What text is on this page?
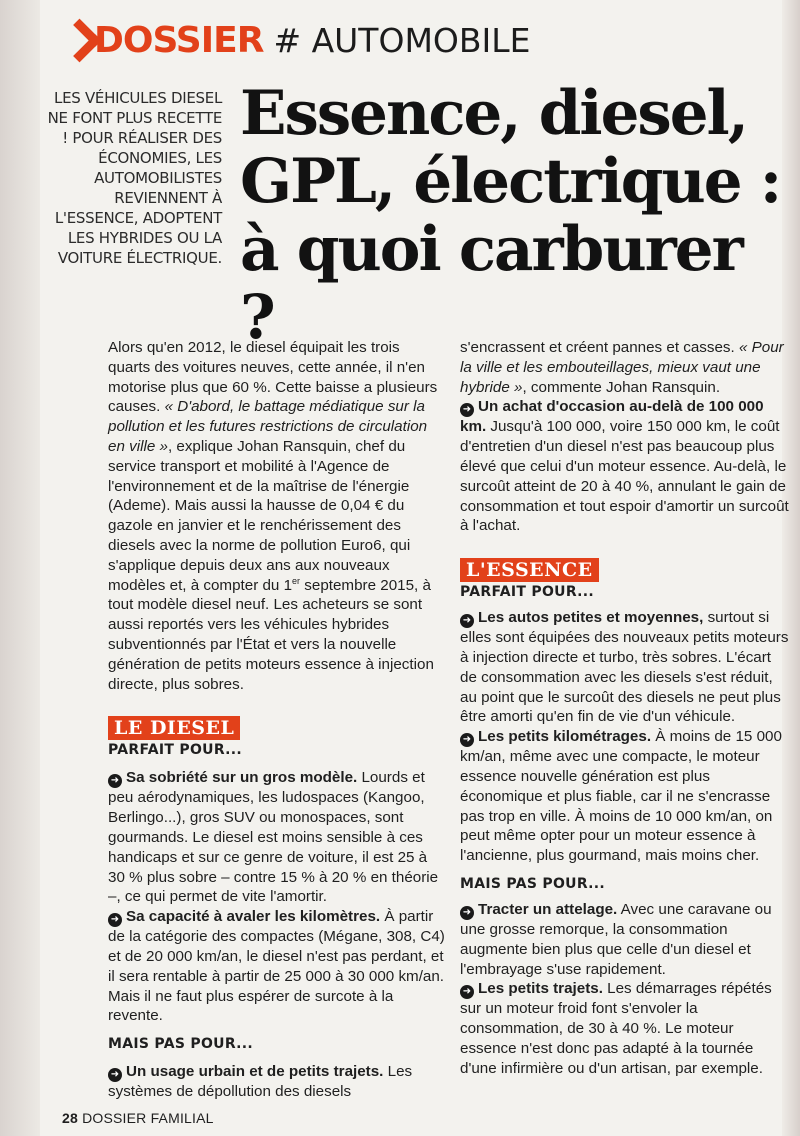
DOSSIER # AUTOMOBILE
LES VÉHICULES DIESEL NE FONT PLUS RECETTE ! POUR RÉALISER DES ÉCONOMIES, LES AUTOMOBILISTES REVIENNENT À L'ESSENCE, ADOPTENT LES HYBRIDES OU LA VOITURE ÉLECTRIQUE.
Essence, diesel,
GPL, électrique :
à quoi carburer ?

Alors qu'en 2012, le diesel équipait les trois quarts des voitures neuves, cette année, il n'en motorise plus que 60 %. Cette baisse a plusieurs causes. « D'abord, le battage médiatique sur la pollution et les futures restrictions de circulation en ville », explique Johan Ransquin, chef du service transport et mobilité à l'Agence de l'environnement et de la maîtrise de l'énergie (Ademe). Mais aussi la hausse de 0,04 € du gazole en janvier et le renchérissement des diesels avec la norme de pollution Euro6, qui s'applique depuis deux ans aux nouveaux modèles et, à compter du 1er septembre 2015, à tout modèle diesel neuf. Les acheteurs se sont aussi reportés vers les véhicules hybrides subventionnés par l'État et vers la nouvelle génération de petits moteurs essence à injection directe, plus sobres.

LE DIESEL
PARFAIT POUR...

➜ Sa sobriété sur un gros modèle. Lourds et peu aérodynamiques, les ludospaces (Kangoo, Berlingo...), gros SUV ou monospaces, sont gourmands. Le diesel est moins sensible à ces handicaps et sur ce genre de voiture, il est 25 à 30 % plus sobre – contre 15 % à 20 % en théorie –, ce qui permet de vite l'amortir.

➜ Sa capacité à avaler les kilomètres. À partir de la catégorie des compactes (Mégane, 308, C4) et de 20 000 km/an, le diesel n'est pas perdant, et il sera rentable à partir de 25 000 à 30 000 km/an. Mais il ne faut plus espérer de surcote à la revente.

MAIS PAS POUR...

➜ Un usage urbain et de petits trajets. Les systèmes de dépollution des diesels

s'encrassent et créent pannes et casses. « Pour la ville et les embouteillages, mieux vaut une hybride », commente Johan Ransquin.

➜ Un achat d'occasion au-delà de 100 000 km. Jusqu'à 100 000, voire 150 000 km, le coût d'entretien d'un diesel n'est pas beaucoup plus élevé que celui d'un moteur essence. Au-delà, le surcoût atteint de 20 à 40 %, annulant le gain de consommation et tout espoir d'amortir un surcoût à l'achat.

L'ESSENCE
PARFAIT POUR...

➜ Les autos petites et moyennes, surtout si elles sont équipées des nouveaux petits moteurs à injection directe et turbo, très sobres. L'écart de consommation avec les diesels s'est réduit, au point que le surcoût des diesels ne peut plus être amorti qu'en fin de vie d'un véhicule.

➜ Les petits kilométrages. À moins de 15 000 km/an, même avec une compacte, le moteur essence nouvelle génération est plus économique et plus fiable, car il ne s'encrasse pas trop en ville. À moins de 10 000 km/an, on peut même opter pour un moteur essence à l'ancienne, plus gourmand, mais moins cher.

MAIS PAS POUR...

➜ Tracter un attelage. Avec une caravane ou une grosse remorque, la consommation augmente bien plus que celle d'un diesel et l'embrayage s'use rapidement.

➜ Les petits trajets. Les démarrages répétés sur un moteur froid font s'envoler la consommation, de 30 à 40 %. Le moteur essence n'est donc pas adapté à la tournée d'une infirmière ou d'un artisan, par exemple.

28 DOSSIER FAMILIAL
